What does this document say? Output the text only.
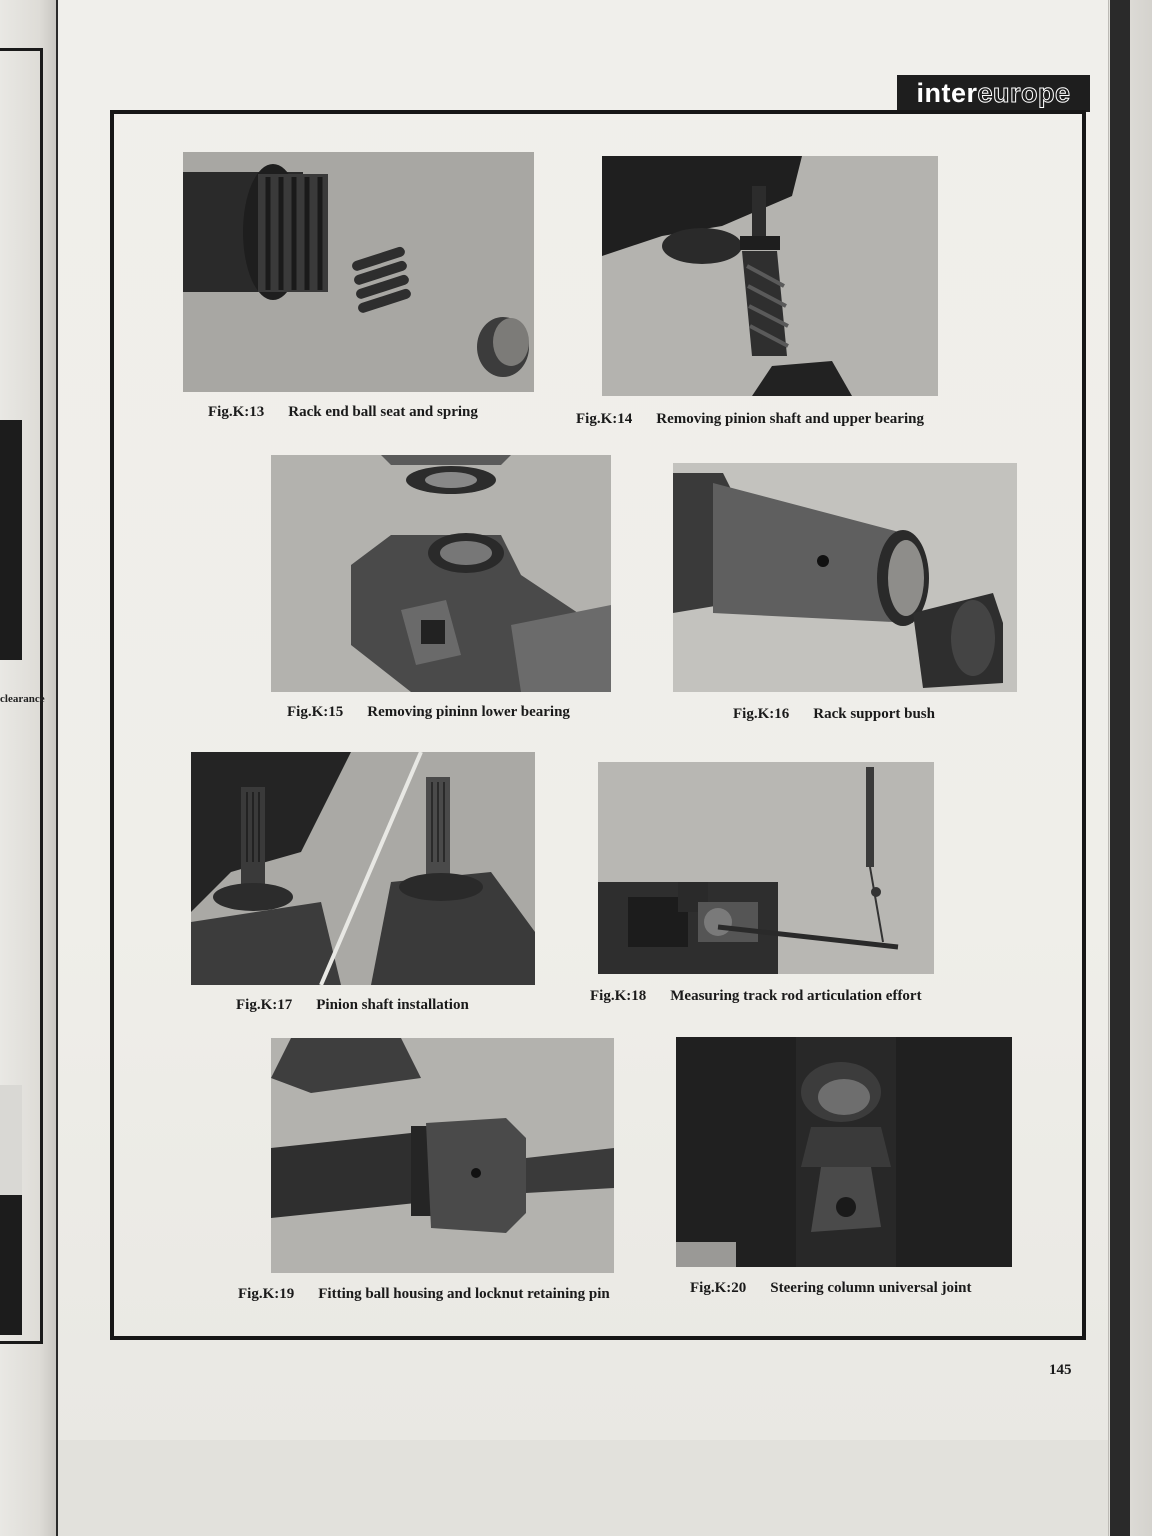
clearance
inter europe
Fig.K:13 Rack end ball seat and spring	Fig.K:14 Removing pinion shaft and upper bearing
Fig.K:15 Removing pininn lower bearing	Fig.K:16 Rack support bush
Fig.K:17 Pinion shaft installation
Fig.K:18 Measuring track rod articulation effort
Fig.K:19 Fitting ball housing and locknut retaining pin	Fig.K:20 Steering column universal joint
145
